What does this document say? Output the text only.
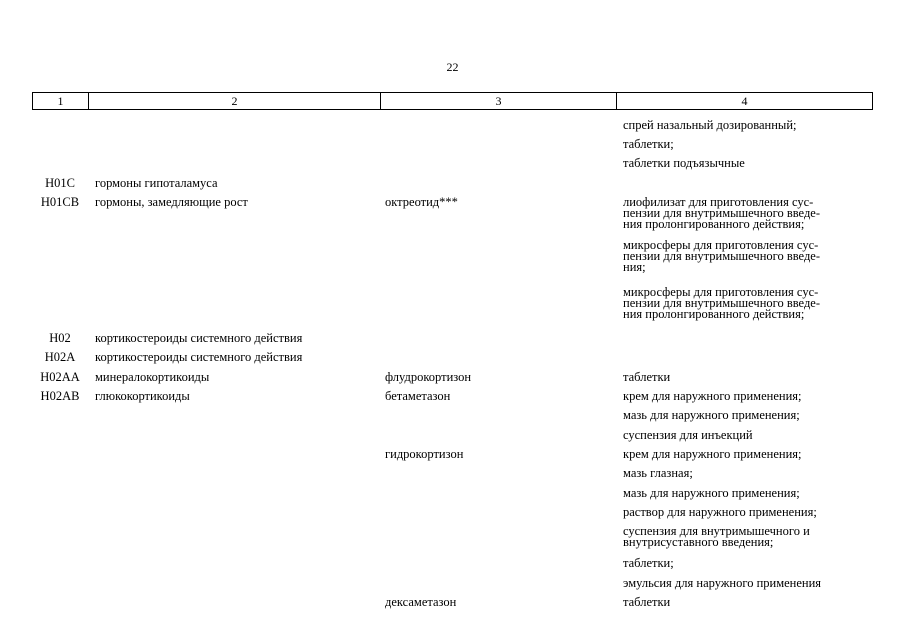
22
1	2	3	4
спрей назальный дозированный;
таблетки;
таблетки подъязычные
H01C	гормоны гипоталамуса
H01CB	гормоны, замедляющие рост	октреотид***	лиофилизат для приготовления сус-
пензии для внутримышечного введе-
ния пролонгированного действия;
микросферы для приготовления сус-
пензии для внутримышечного введе-
ния;
микросферы для приготовления сус-
пензии для внутримышечного введе-
ния пролонгированного действия;
H02	кортикостероиды системного действия
H02A	кортикостероиды системного действия
H02AA	минералокортикоиды	флудрокортизон	таблетки
H02AB	глюкокортикоиды	бетаметазон	крем для наружного применения;
мазь для наружного применения;
суспензия для инъекций
гидрокортизон	крем для наружного применения;
мазь глазная;
мазь для наружного применения;
раствор для наружного применения;
суспензия для внутримышечного и
внутрисуставного введения;
таблетки;
эмульсия для наружного применения
дексаметазон	таблетки
